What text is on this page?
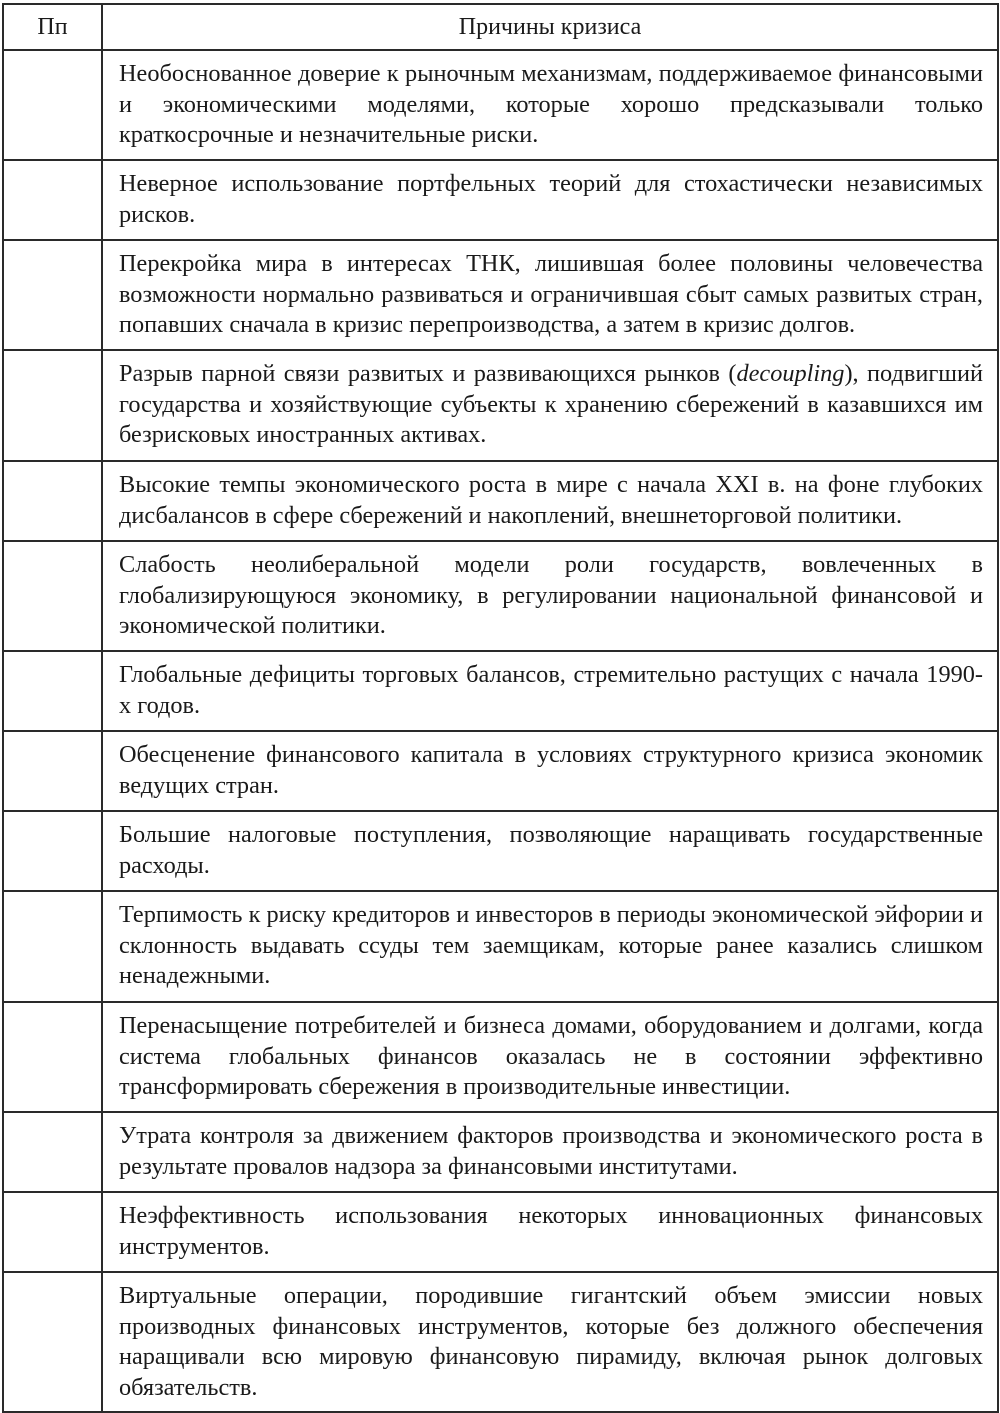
Пп	Причины кризиса
	Необоснованное доверие к рыночным механизмам, поддерживаемое финансовыми и экономическими моделями, которые хорошо предсказывали только краткосрочные и незначительные риски.
	Неверное использование портфельных теорий для стохастически независимых рисков.
	Перекройка мира в интересах ТНК, лишившая более половины человечества возможности нормально развиваться и ограничившая сбыт самых развитых стран, попавших сначала в кризис перепроизводства, а затем в кризис долгов.
	Разрыв парной связи развитых и развивающихся рынков (decoupling), подвигший государства и хозяйствующие субъекты к хранению сбережений в казавшихся им безрисковых иностранных активах.
	Высокие темпы экономического роста в мире с начала XXI в. на фоне глубоких дисбалансов в сфере сбережений и накоплений, внешнеторговой политики.
	Слабость неолиберальной модели роли государств, вовлеченных в глобализирующуюся экономику, в регулировании национальной финансовой и экономической политики.
	Глобальные дефициты торговых балансов, стремительно растущих с начала 1990-х годов.
	Обесценение финансового капитала в условиях структурного кризиса экономик ведущих стран.
	Большие налоговые поступления, позволяющие наращивать государственные расходы.
	Терпимость к риску кредиторов и инвесторов в периоды экономической эйфории и склонность выдавать ссуды тем заемщикам, которые ранее казались слишком ненадежными.
	Перенасыщение потребителей и бизнеса домами, оборудованием и долгами, когда система глобальных финансов оказалась не в состоянии эффективно трансформировать сбережения в производительные инвестиции.
	Утрата контроля за движением факторов производства и экономического роста в результате провалов надзора за финансовыми институтами.
	Неэффективность использования некоторых инновационных финансовых инструментов.
	Виртуальные операции, породившие гигантский объем эмиссии новых производных финансовых инструментов, которые без должного обеспечения наращивали всю мировую финансовую пирамиду, включая рынок долговых обязательств.
